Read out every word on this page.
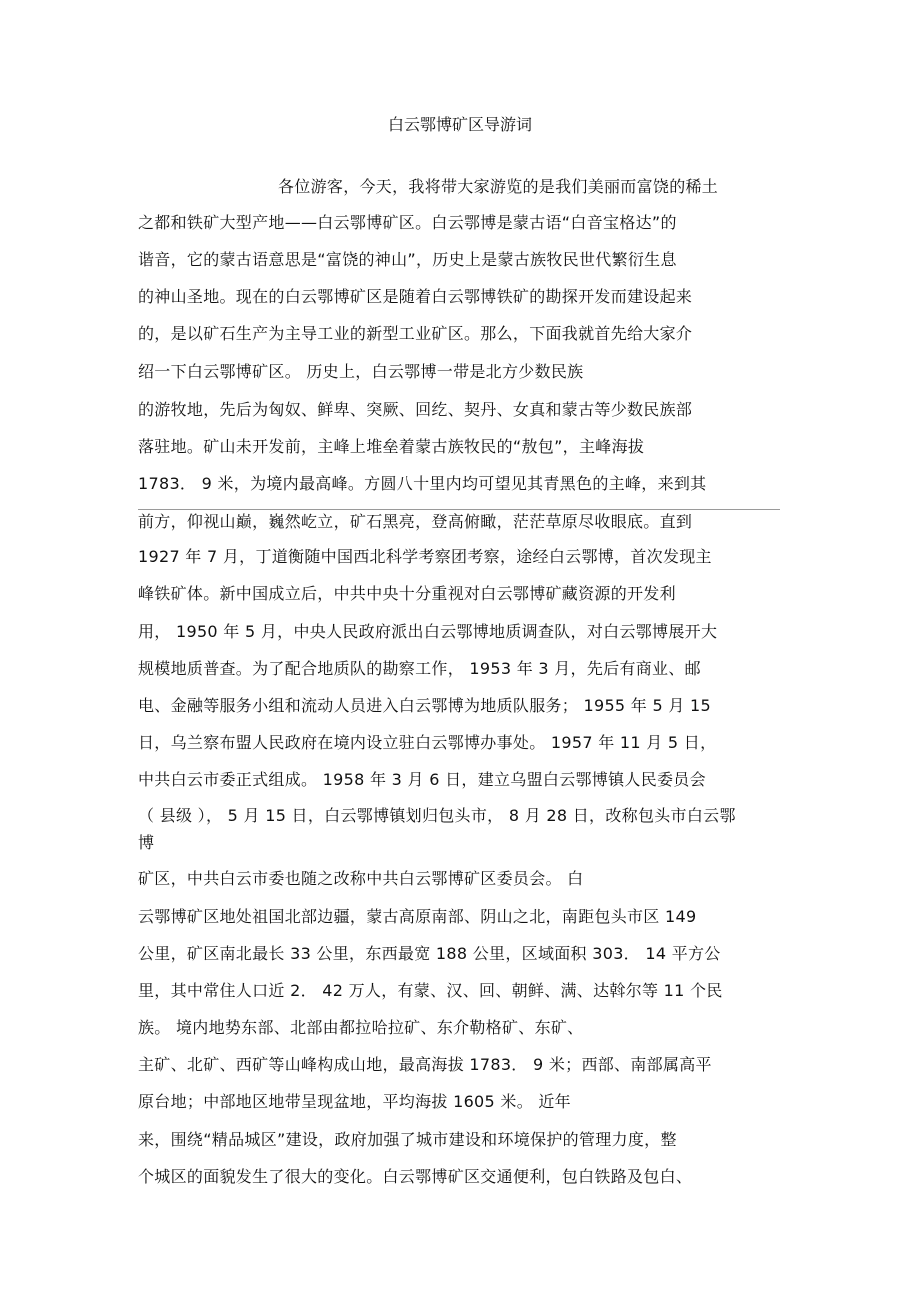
白云鄂博矿区导游词
各位游客，今天，我将带大家游览的是我们美丽而富饶的稀土
之都和铁矿大型产地——白云鄂博矿区。白云鄂博是蒙古语“白音宝格达”的
谐音，它的蒙古语意思是“富饶的神山”，历史上是蒙古族牧民世代繁衍生息
的神山圣地。现在的白云鄂博矿区是随着白云鄂博铁矿的勘探开发而建设起来
的，是以矿石生产为主导工业的新型工业矿区。那么，下面我就首先给大家介
绍一下白云鄂博矿区。 历史上，白云鄂博一带是北方少数民族
的游牧地，先后为匈奴、鲜卑、突厥、回纥、契丹、女真和蒙古等少数民族部
落驻地。矿山未开发前，主峰上堆垒着蒙古族牧民的“敖包”，主峰海拔
1783． 9 米，为境内最高峰。方圆八十里内均可望见其青黑色的主峰，来到其
前方，仰视山巅，巍然屹立，矿石黑亮，登高俯瞰，茫茫草原尽收眼底。直到
1927 年 7 月，丁道衡随中国西北科学考察团考察，途经白云鄂博，首次发现主
峰铁矿体。新中国成立后，中共中央十分重视对白云鄂博矿藏资源的开发利
用， 1950 年 5 月，中央人民政府派出白云鄂博地质调查队，对白云鄂博展开大
规模地质普查。为了配合地质队的勘察工作， 1953 年 3 月，先后有商业、邮
电、金融等服务小组和流动人员进入白云鄂博为地质队服务； 1955 年 5 月 15
日，乌兰察布盟人民政府在境内设立驻白云鄂博办事处。 1957 年 11 月 5 日，
中共白云市委正式组成。 1958 年 3 月 6 日，建立乌盟白云鄂博镇人民委员会
（ 县级 ）， 5 月 15 日，白云鄂博镇划归包头市， 8 月 28 日，改称包头市白云鄂
博
矿区，中共白云市委也随之改称中共白云鄂博矿区委员会。 白
云鄂博矿区地处祖国北部边疆，蒙古高原南部、阴山之北，南距包头市区 149
公里，矿区南北最长 33 公里，东西最宽 188 公里，区域面积 303． 14 平方公
里，其中常住人口近 2． 42 万人，有蒙、汉、回、朝鲜、满、达斡尔等 11 个民
族。 境内地势东部、北部由都拉哈拉矿、东介勒格矿、东矿、
主矿、北矿、西矿等山峰构成山地，最高海拔 1783． 9 米；西部、南部属高平
原台地；中部地区地带呈现盆地，平均海拔 1605 米。 近年
来，围绕“精品城区”建设，政府加强了城市建设和环境保护的管理力度，整
个城区的面貌发生了很大的变化。白云鄂博矿区交通便利，包白铁路及包白、
